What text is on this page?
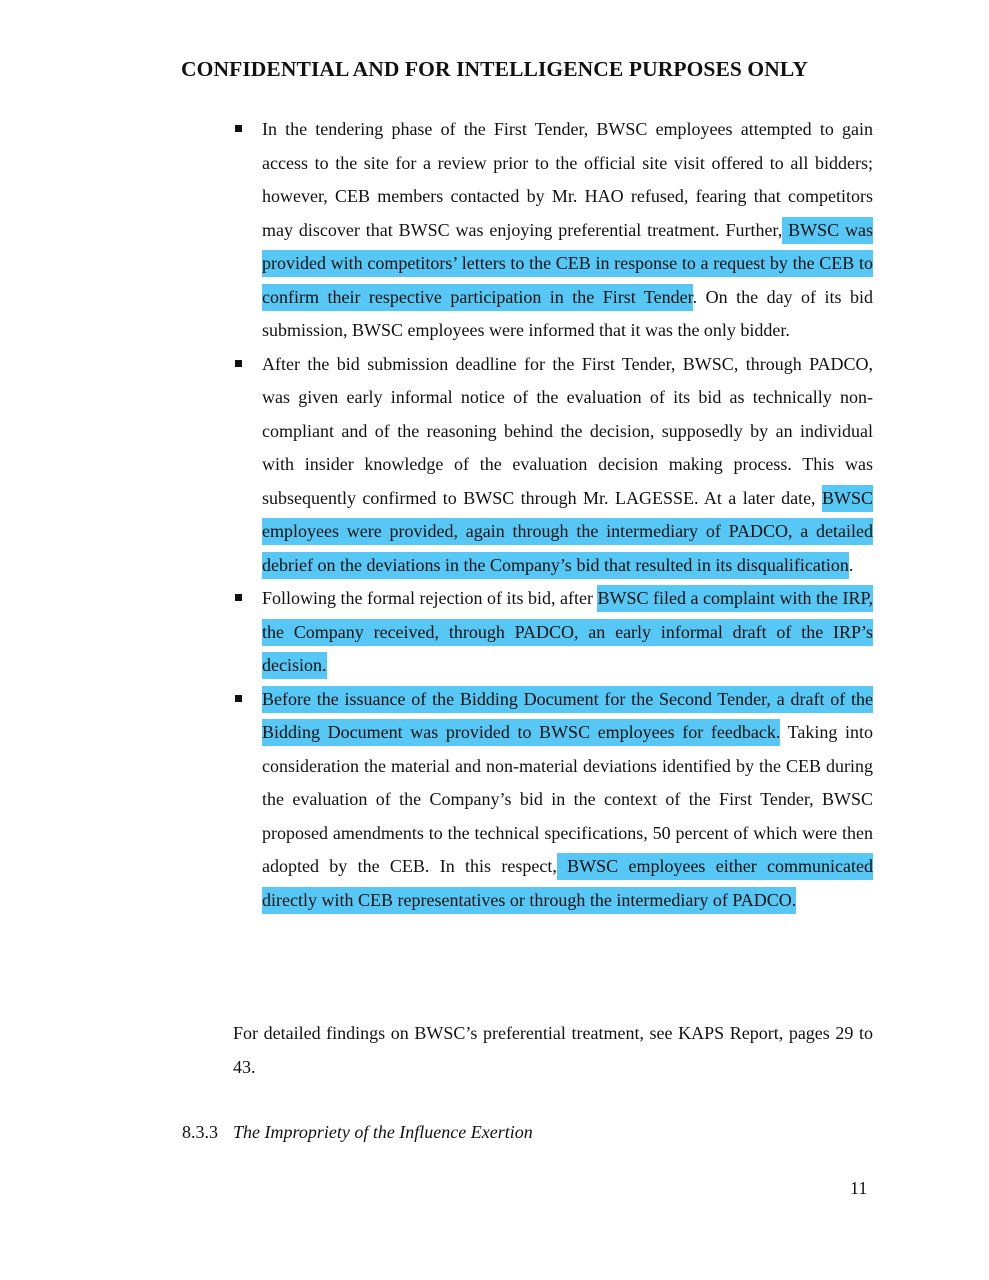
CONFIDENTIAL AND FOR INTELLIGENCE PURPOSES ONLY
In the tendering phase of the First Tender, BWSC employees attempted to gain access to the site for a review prior to the official site visit offered to all bidders; however, CEB members contacted by Mr. HAO refused, fearing that competitors may discover that BWSC was enjoying preferential treatment. Further, BWSC was provided with competitors’ letters to the CEB in response to a request by the CEB to confirm their respective participation in the First Tender. On the day of its bid submission, BWSC employees were informed that it was the only bidder.
After the bid submission deadline for the First Tender, BWSC, through PADCO, was given early informal notice of the evaluation of its bid as technically non-compliant and of the reasoning behind the decision, supposedly by an individual with insider knowledge of the evaluation decision making process. This was subsequently confirmed to BWSC through Mr. LAGESSE. At a later date, BWSC employees were provided, again through the intermediary of PADCO, a detailed debrief on the deviations in the Company’s bid that resulted in its disqualification.
Following the formal rejection of its bid, after BWSC filed a complaint with the IRP, the Company received, through PADCO, an early informal draft of the IRP’s decision.
Before the issuance of the Bidding Document for the Second Tender, a draft of the Bidding Document was provided to BWSC employees for feedback. Taking into consideration the material and non-material deviations identified by the CEB during the evaluation of the Company’s bid in the context of the First Tender, BWSC proposed amendments to the technical specifications, 50 percent of which were then adopted by the CEB. In this respect, BWSC employees either communicated directly with CEB representatives or through the intermediary of PADCO.

For detailed findings on BWSC’s preferential treatment, see KAPS Report, pages 29 to 43.

8.3.3 The Impropriety of the Influence Exertion
11
